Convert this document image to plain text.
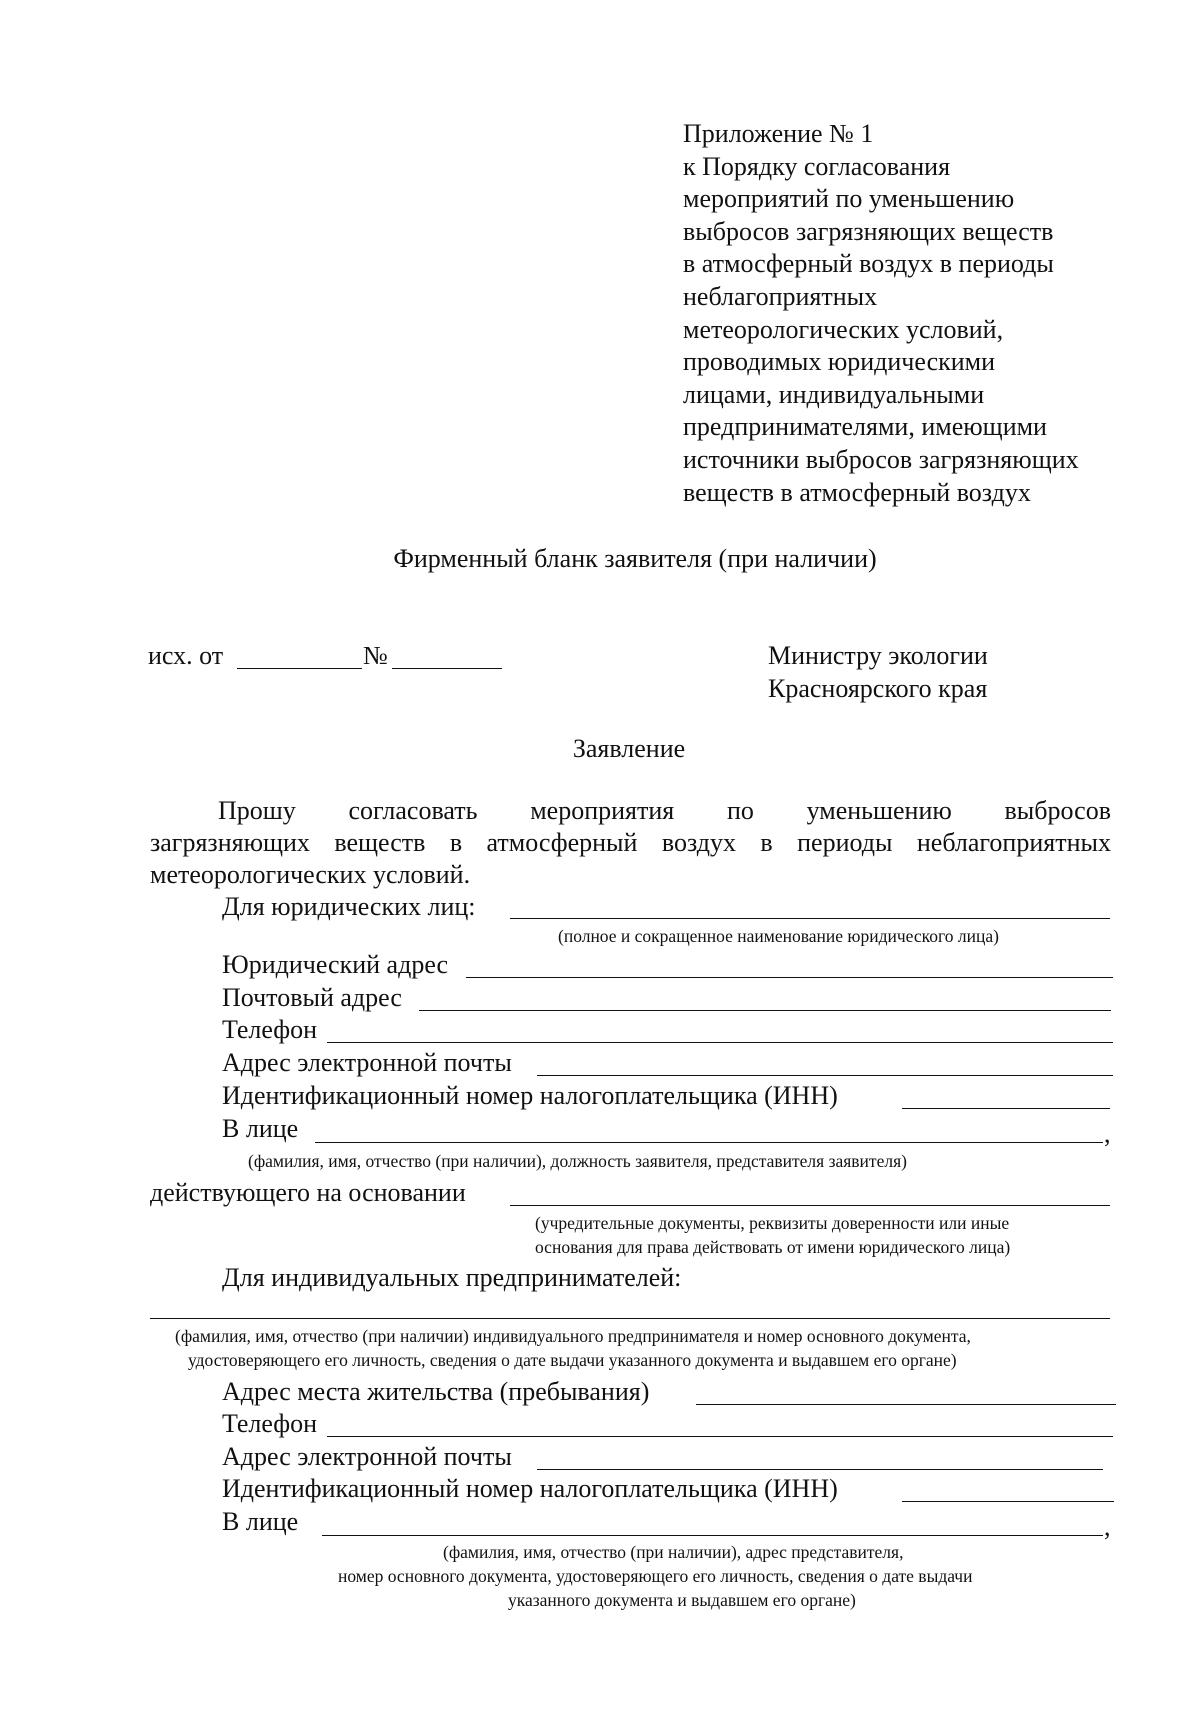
Приложение № 1
к Порядку согласования
мероприятий по уменьшению
выбросов загрязняющих веществ
в атмосферный воздух в периоды
неблагоприятных
метеорологических условий,
проводимых юридическими
лицами, индивидуальными
предпринимателями, имеющими
источники выбросов загрязняющих
веществ в атмосферный воздух
Фирменный бланк заявителя (при наличии)
исх. от	№	Министру экологии
Красноярского края
Заявление
Прошу согласовать мероприятия по уменьшению выбросов
загрязняющих веществ в атмосферный воздух в периоды неблагоприятных
метеорологических условий.
Для юридических лиц:
(полное и сокращенное наименование юридического лица)
Юридический адрес
Почтовый адрес
Телефон
Адрес электронной почты
Идентификационный номер налогоплательщика (ИНН)
В лице	,
(фамилия, имя, отчество (при наличии), должность заявителя, представителя заявителя)
действующего на основании
(учредительные документы, реквизиты доверенности или иные
основания для права действовать от имени юридического лица)
Для индивидуальных предпринимателей:
(фамилия, имя, отчество (при наличии) индивидуального предпринимателя и номер основного документа,
удостоверяющего его личность, сведения о дате выдачи указанного документа и выдавшем его органе)
Адрес места жительства (пребывания)
Телефон
Адрес электронной почты
Идентификационный номер налогоплательщика (ИНН)
В лице	,
(фамилия, имя, отчество (при наличии), адрес представителя,
номер основного документа, удостоверяющего его личность, сведения о дате выдачи
указанного документа и выдавшем его органе)
